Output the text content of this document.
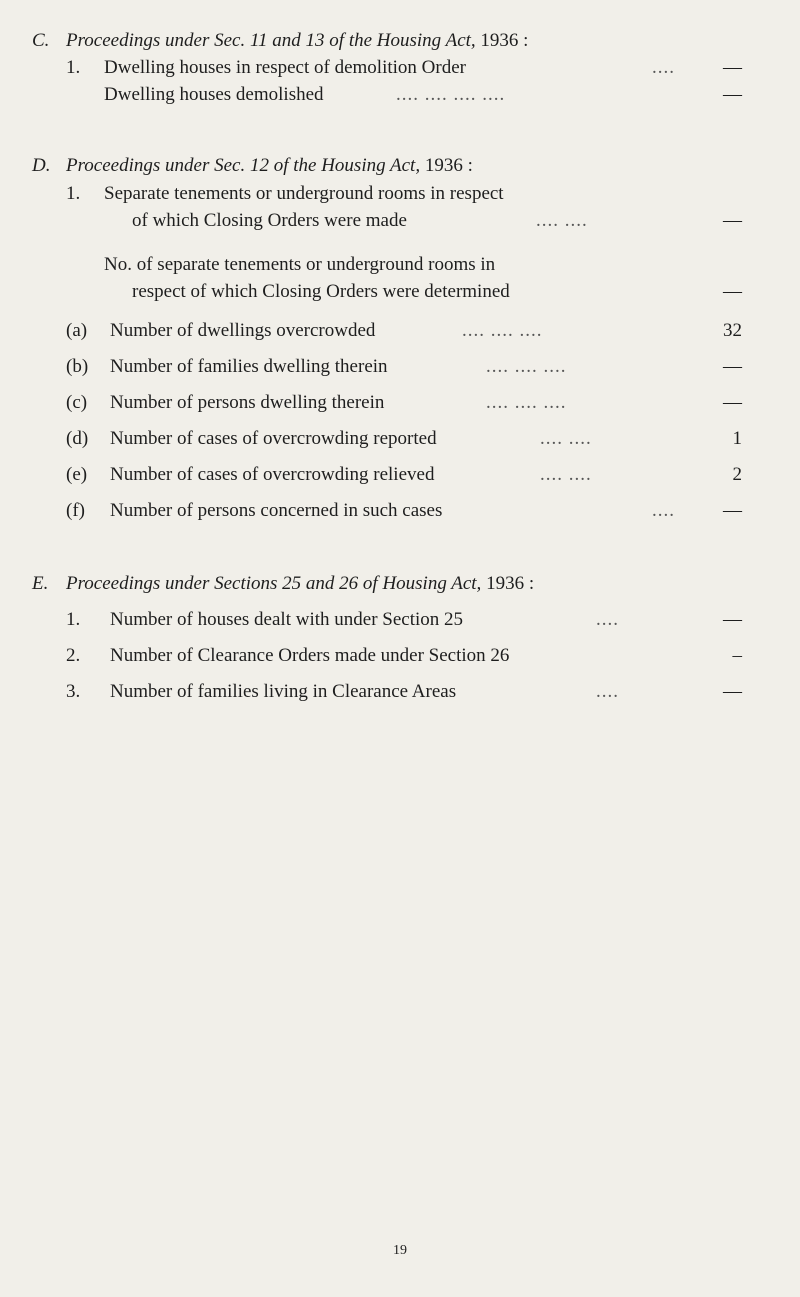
C. Proceedings under Sec. 11 and 13 of the Housing Act, 1936 :
1. Dwelling houses in respect of demolition Order	....	—
Dwelling houses demolished	.... .... .... ....	—
D. Proceedings under Sec. 12 of the Housing Act, 1936 :
1. Separate tenements or underground rooms in respect
of which Closing Orders were made	.... ....	—
No. of separate tenements or underground rooms in
respect of which Closing Orders were determined	—
(a) Number of dwellings overcrowded	.... .... ....	32
(b) Number of families dwelling therein	.... .... ....	—
(c) Number of persons dwelling therein	.... .... ....	—
(d) Number of cases of overcrowding reported	.... ....	1
(e) Number of cases of overcrowding relieved	.... ....	2
(f) Number of persons concerned in such cases	....	—
E. Proceedings under Sections 25 and 26 of Housing Act, 1936 :
1. Number of houses dealt with under Section 25	....	—
2. Number of Clearance Orders made under Section 26	–
3. Number of families living in Clearance Areas	....	—
19
